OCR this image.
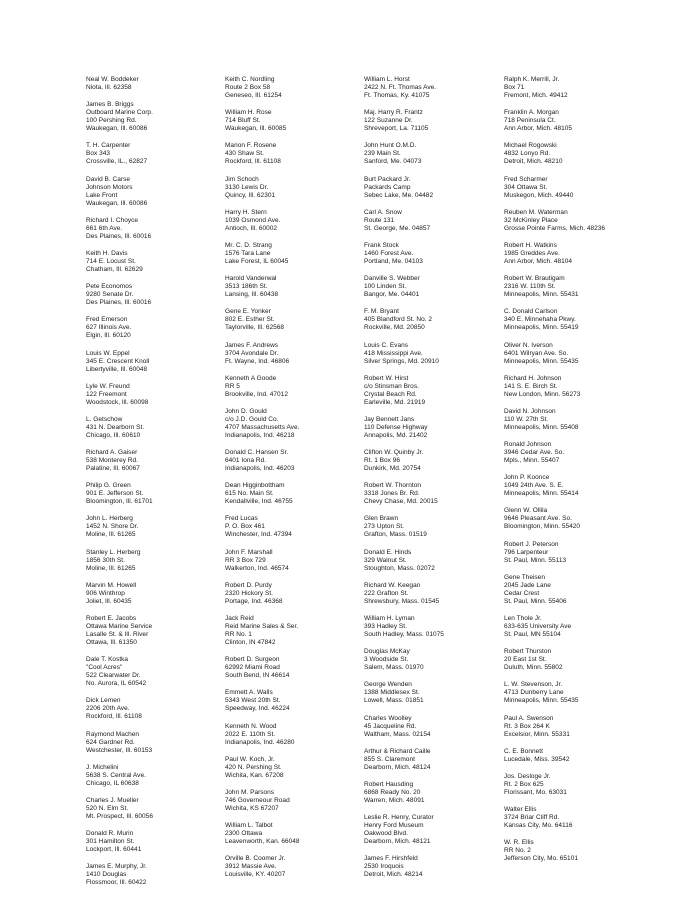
Neal W. Boddeker
Niota, Ill. 62358
James B. Briggs
Outboard Marine Corp.
100 Pershing Rd.
Waukegan, Ill. 60086
T. H. Carpenter
Box 343
Crossville, IL., 62827
David B. Carse
Johnson Motors
Lake Front
Waukegan, Ill. 60086
Richard I. Choyce
661 6th Ave.
Des Plaines, Ill. 60016
Keith H. Davis
714 E. Locust St.
Chatham, Ill. 62629
Pete Economos
9280 Senate Dr.
Des Plaines, Ill. 60016
Fred Emerson
627 Illinois Ave.
Elgin, Ill. 60120
Louis W. Eppel
345 E. Crescent Knoll
Libertyville, Ill. 60048
Lyle W. Freund
122 Freemont
Woodstock, Ill. 60098
L. Getschow
431 N. Dearborn St.
Chicago, Ill. 60610
Richard A. Gaiser
538 Monterey Rd.
Palatine, Ill. 60067
Philip G. Green
901 E. Jefferson St.
Bloomington, Ill. 61701
John L. Herberg
1452 N. Shore Dr.
Moline, Ill. 61265
Stanley L. Herberg
1856 30th St.
Moline, Ill. 61265
Marvin M. Howell
906 Winthrop
Joliet, Ill. 60435
Robert E. Jacobs
Ottawa Marine Service
Lasalle St. & Ill. River
Ottawa, Ill. 61350
Dale T. Kostka
"Cool Acres"
522 Clearwater Dr.
No. Aurora, IL 60542
Dick Lemen
2206 20th Ave.
Rockford, Ill. 61108
Raymond Machen
624 Gardner Rd.
Westchester, Ill. 60153
J. Michelini
5638 S. Central Ave.
Chicago, IL 60638
Charles J. Mueller
520 N. Elm St.
Mt. Prospect, Ill. 60056
Donald R. Murin
301 Hamilton St.
Lockport, Ill. 60441
James E. Murphy, Jr.
1410 Douglas
Flossmoor, Ill. 60422
Keith C. Nordling
Route 2 Box 58
Geneseo, Ill. 61254
William H. Rose
714 Bluff St.
Waukegan, Ill. 60085
Marion F. Rosene
430 Shaw St.
Rockford, Ill. 61108
Jim Schoch
3130 Lewis Dr.
Quincy, Ill. 62301
Harry H. Stern
1039 Osmond Ave.
Antioch, Ill. 60002
Mr. C. D. Strang
1576 Tara Lane
Lake Forest, IL 60045
Harold Vanderwal
3513 186th St.
Lansing, Ill. 60438
Gene E. Yonker
802 E. Esther St.
Taylorville, Ill. 62568
James F. Andrews
3704 Avondale Dr.
Ft. Wayne, Ind. 46806
Kenneth A Goode
RR 5
Brookville, Ind. 47012
John D. Gould
c/o J.D. Gould Co.
4707 Massachusetts Ave.
Indianapolis, Ind. 46218
Donald C. Hansen Sr.
6401 Iona Rd.
Indianapolis, Ind. 46203
Dean Higginbottham
615 No. Main St.
Kendallville, Ind. 46755
Fred Lucas
P. O. Box 461
Winchester, Ind. 47394
John F. Marshall
RR 3 Box 729
Walkerton, Ind. 46574
Robert D. Purdy
2320 Hickory St.
Portage, Ind. 46368
Jack Reid
Reid Marine Sales & Ser.
RR No. 1
Clinton, IN 47842
Robert D. Surgeon
62992 Miami Road
South Bend, IN 46614
Emmett A. Walls
5343 West 20th St.
Speedway, Ind. 46224
Kenneth N. Wood
2022 E. 110th St.
Indianapolis, Ind. 46280
Paul W. Koch, Jr.
420 N. Pershing St.
Wichita, Kan. 67208
John M. Parsons
746 Governeour Road
Wichita, KS 67207
William L. Talbot
2300 Ottawa
Leavenworth, Kan. 66048
Orville B. Coomer Jr.
3912 Massie Ave.
Louisville, KY. 40207
William L. Horst
2422 N. Ft. Thomas Ave.
Ft. Thomas, Ky. 41075
Maj. Harry R. Frantz
122 Suzanne Dr.
Shreveport, La. 71105
John Hunt O.M.D.
239 Main St.
Sanford, Me. 04073
Burt Packard Jr.
Packards Camp
Sebec Lake, Me. 04482
Carl A. Snow
Route 131
St. George, Me. 04857
Frank Stock
1460 Forest Ave.
Portland, Me. 04103
Danville S. Webber
100 Linden St.
Bangor, Me. 04401
F. M. Bryant
405 Blandford St. No. 2
Rockville, Md. 20850
Louis C. Evans
418 Mississippi Ave.
Silver Springs, Md. 20910
Robert W. Hirst
c/o Stinsman Bros.
Crystal Beach Rd.
Earleville, Md. 21919
Jay Bennett Jans
110 Defense Highway
Annapolis, Md. 21402
Clifton W. Quinby Jr.
Rt. 1 Box 96
Dunkirk, Md. 20754
Robert W. Thornton
3318 Jones Br. Rd.
Chevy Chase, Md. 20015
Glen Brawn
273 Upton St.
Grafton, Mass. 01519
Donald E. Hinds
329 Walnut St.
Stoughton, Mass. 02072
Richard W. Keegan
222 Grafton St.
Shrewsbury, Mass. 01545
William H. Lyman
393 Hadley St.
South Hadley, Mass. 01075
Douglas McKay
3 Woodside St.
Salem, Mass. 01970
George Wenden
1388 Middlesex St.
Lowell, Mass. 01851
Charles Woolley
45 Jacqueline Rd.
Waltham, Mass. 02154
Arthur & Richard Caille
855 S. Claremont
Dearborn, Mich. 48124
Robert Hausding
6868 Ready No. 20
Warren, Mich. 48091
Leslie R. Henry, Curator
Henry Ford Museum
Oakwood Blvd.
Dearborn, Mich. 48121
James F. Hirshfeld
2530 Iroquois
Detroit, Mich. 48214
Ralph K. Merrill, Jr.
Box 71
Fremont, Mich. 49412
Franklin A. Morgan
718 Peninsula Ct.
Ann Arbor, Mich. 48105
Michael Rogowski
4832 Lonyo Rd.
Detroit, Mich. 48210
Fred Scharmer
304 Ottawa St.
Muskegon, Mich. 49440
Reuben M. Waterman
32 McKinley Place
Grosse Pointe Farms, Mich. 48236
Robert H. Watkins
1985 Greddes Ave.
Ann Arbor, Mich. 48104
Robert W. Brautigam
2316 W. 110th St.
Minneapolis, Minn. 55431
C. Donald Carlson
340 E. Minnehaha Pkwy.
Minneapolis, Minn. 55419
Oliver N. Iverson
6401 Wilryan Ave. So.
Minneapolis, Minn. 55435
Richard H. Johnson
141 S. E. Birch St.
New London, Minn. 56273
David N. Johnson
110 W. 27th St.
Minneapolis, Minn. 55408
Ronald Johnson
3946 Cedar Ave. So.
Mpls., Minn. 55407
John P. Koonce
1049 24th Ave. S. E.
Minneapolis, Minn. 55414
Glenn W. Ollila
9646 Pleasant Ave. So.
Bloomington, Minn. 55420
Robert J. Peterson
796 Larpenteur
St. Paul, Minn. 55113
Gene Theisen
2045 Jade Lane
Cedar Crest
St. Paul, Minn. 55406
Len Thole Jr.
633-635 University Ave
St. Paul, MN 55104
Robert Thurston
20 East 1st St.
Duluth, Minn. 55802
L. W. Stevenson, Jr.
4713 Dunberry Lane
Minneapolis, Minn. 55435
Paul A. Swenson
Rt. 3 Box 264 K
Excelsior, Minn. 55331
C. E. Bonnett
Lucedale, Miss. 39542
Jos. Desloge Jr.
Rt. 2 Box 625
Florissant, Mo. 63031
Walter Ellis
3724 Briar Cliff Rd.
Kansas City, Mo. 64116
W. R. Ellis
RR No. 2
Jefferson City, Mo. 65101
